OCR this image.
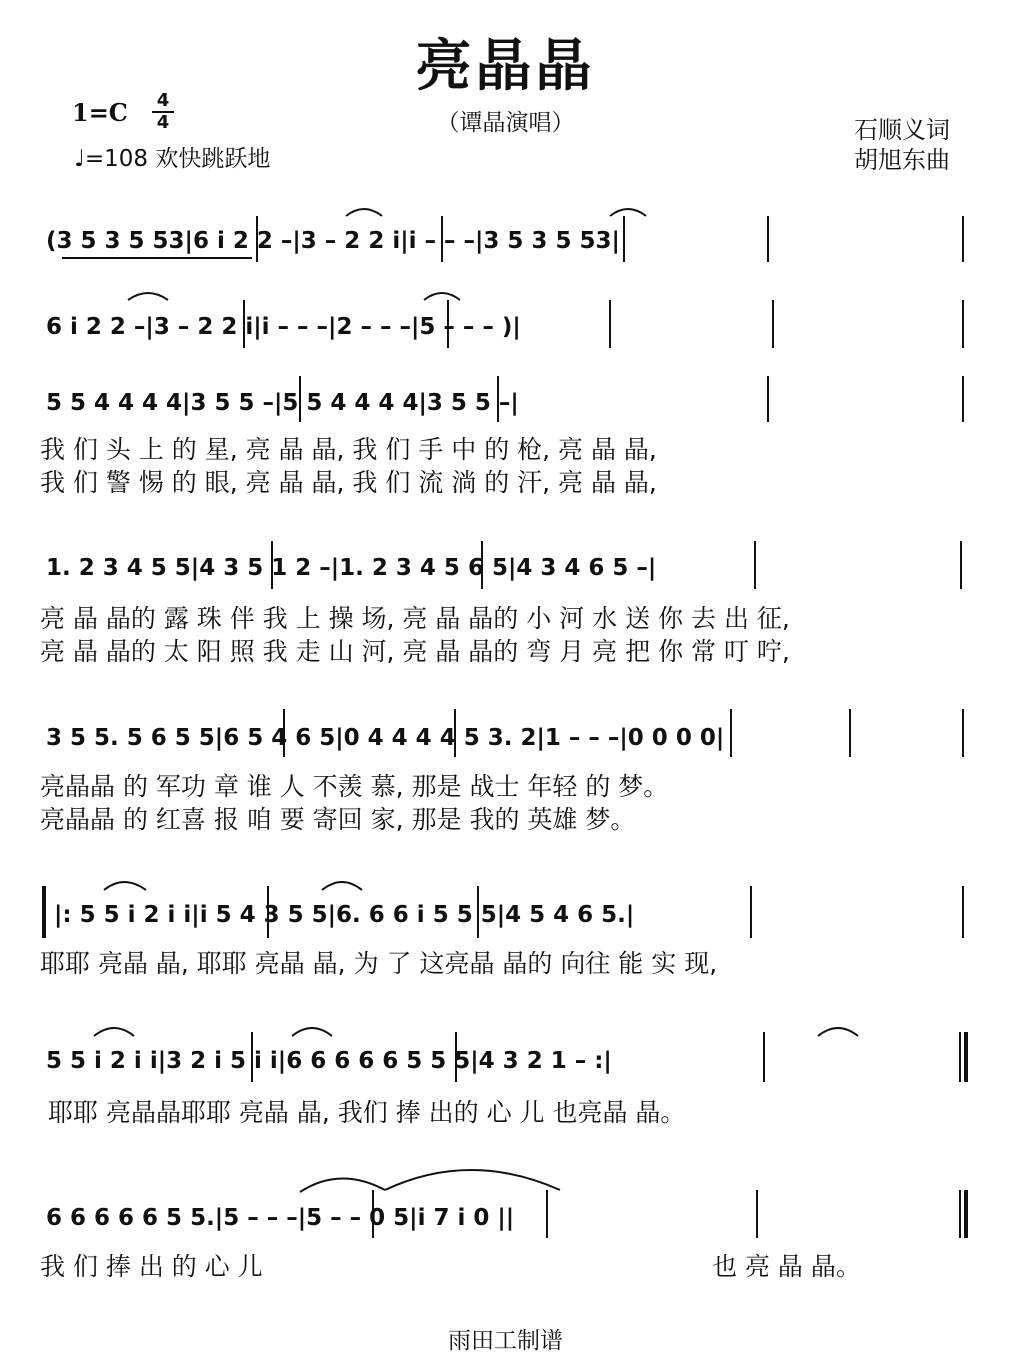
亮晶晶
（谭晶演唱）
1=C 4
4
♩=108 欢快跳跃地
石顺义词
胡旭东曲
(3 5 3 5 53|6 i 2 2 –|3 – 2 2 i|i – – –|3 5 3 5 53|
6 i 2 2 –|3 – 2 2 i|i – – –|2 – – –|5 – – – )|
5 5 4 4 4 4|3 5 5 –|5 5 4 4 4 4|3 5 5 –|
我 们 头 上 的 星, 亮 晶 晶, 我 们 手 中 的 枪, 亮 晶 晶,
我 们 警 惕 的 眼, 亮 晶 晶, 我 们 流 淌 的 汗, 亮 晶 晶,
1. 2 3 4 5 5|4 3 5 1 2 –|1. 2 3 4 5 6 5|4 3 4 6 5 –|
亮 晶 晶的 露 珠 伴 我 上 操 场, 亮 晶 晶的 小 河 水 送 你 去 出 征,
亮 晶 晶的 太 阳 照 我 走 山 河, 亮 晶 晶的 弯 月 亮 把 你 常 叮 咛,
3 5 5. 5 6 5 5|6 5 4 6 5|0 4 4 4 4 5 3. 2|1 – – –|0 0 0 0|
亮晶晶 的 军功 章 谁 人 不羡 慕, 那是 战士 年轻 的 梦。
亮晶晶 的 红喜 报 咱 要 寄回 家, 那是 我的 英雄 梦。
|: 5 5 i 2 i i|i 5 4 3 5 5|6. 6 6 i 5 5 5|4 5 4 6 5.|
耶耶 亮晶 晶, 耶耶 亮晶 晶, 为 了 这亮晶 晶的 向往 能 实 现,
5 5 i 2 i i|3 2 i 5 i i|6 6 6 6 6 5 5 5|4 3 2 1 – :|
耶耶 亮晶晶耶耶 亮晶 晶, 我们 捧 出的 心 儿 也亮晶 晶。
6 6 6 6 6 5 5.|5 – – –|5 – – 0 5|i 7 i 0 ||
我 们 捧 出 的 心 儿	也 亮 晶 晶。
雨田工制谱
